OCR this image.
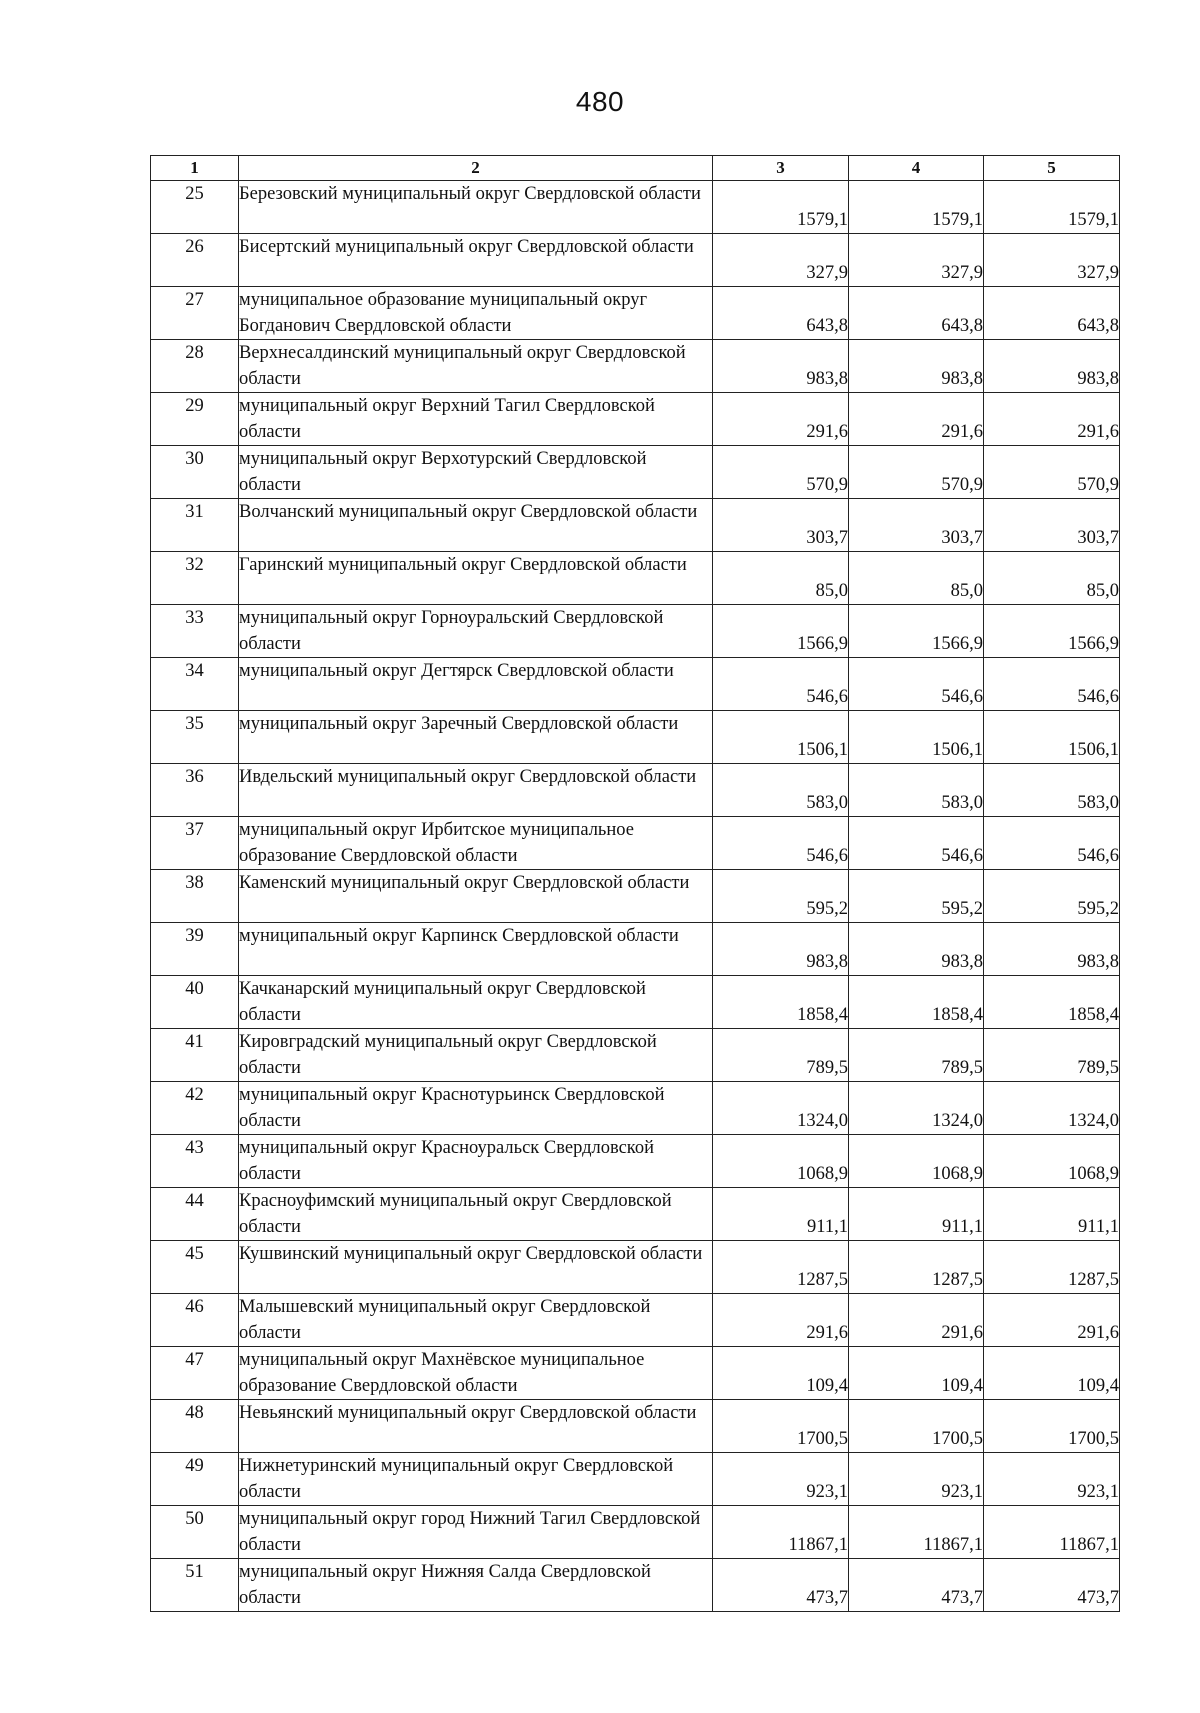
480
1	2	3	4	5
25	Березовский муниципальный округ Свердловской области	1579,1	1579,1	1579,1
26	Бисертский муниципальный округ Свердловской области	327,9	327,9	327,9
27	муниципальное образование муниципальный округ Богданович Свердловской области	643,8	643,8	643,8
28	Верхнесалдинский муниципальный округ Свердловской области	983,8	983,8	983,8
29	муниципальный округ Верхний Тагил Свердловской области	291,6	291,6	291,6
30	муниципальный округ Верхотурский Свердловской области	570,9	570,9	570,9
31	Волчанский муниципальный округ Свердловской области	303,7	303,7	303,7
32	Гаринский муниципальный округ Свердловской области	85,0	85,0	85,0
33	муниципальный округ Горноуральский Свердловской области	1566,9	1566,9	1566,9
34	муниципальный округ Дегтярск Свердловской области	546,6	546,6	546,6
35	муниципальный округ Заречный Свердловской области	1506,1	1506,1	1506,1
36	Ивдельский муниципальный округ Свердловской области	583,0	583,0	583,0
37	муниципальный округ Ирбитское муниципальное образование Свердловской области	546,6	546,6	546,6
38	Каменский муниципальный округ Свердловской области	595,2	595,2	595,2
39	муниципальный округ Карпинск Свердловской области	983,8	983,8	983,8
40	Качканарский муниципальный округ Свердловской области	1858,4	1858,4	1858,4
41	Кировградский муниципальный округ Свердловской области	789,5	789,5	789,5
42	муниципальный округ Краснотурьинск Свердловской области	1324,0	1324,0	1324,0
43	муниципальный округ Красноуральск Свердловской области	1068,9	1068,9	1068,9
44	Красноуфимский муниципальный округ Свердловской области	911,1	911,1	911,1
45	Кушвинский муниципальный округ Свердловской области	1287,5	1287,5	1287,5
46	Малышевский муниципальный округ Свердловской области	291,6	291,6	291,6
47	муниципальный округ Махнёвское муниципальное образование Свердловской области	109,4	109,4	109,4
48	Невьянский муниципальный округ Свердловской области	1700,5	1700,5	1700,5
49	Нижнетуринский муниципальный округ Свердловской области	923,1	923,1	923,1
50	муниципальный округ город Нижний Тагил Свердловской области	11867,1	11867,1	11867,1
51	муниципальный округ Нижняя Салда Свердловской области	473,7	473,7	473,7
